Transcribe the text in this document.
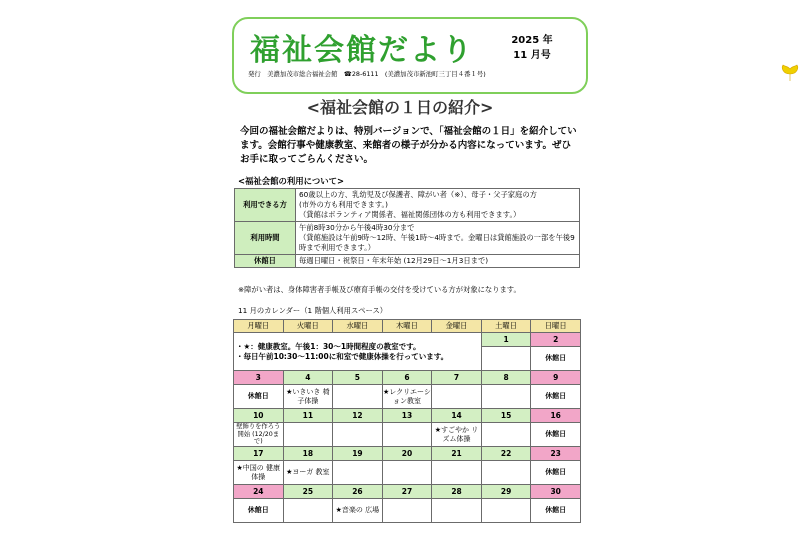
福祉会館だより	2025 年
11 月号
発行　美濃加茂市総合福祉会館　☎28-6111　(美濃加茂市新池町三丁目４番１号)
<福祉会館の１日の紹介>
今回の福祉会館だよりは、特別バージョンで、「福祉会館の１日」を紹介しています。会館行事や健康教室、来館者の様子が分かる内容になっています。ぜひお手に取ってごらんください。
<福祉会館の利用について>
利用できる方	60歳以上の方、乳幼児及び保護者、障がい者（※）、母子・父子家庭の方
(市外の方も利用できます。)
（貸館はボランティア関係者、福祉関係団体の方も利用できます。）

利用時間	午前8時30分から午後4時30分まで
（貸館施設は午前9時～12時、午後1時～4時まで。金曜日は貸館施設の一部を午後9時まで利用できます。）

休館日	毎週日曜日・祝祭日・年末年始 (12月29日～1月3日まで)
※障がい者は、身体障害者手帳及び療育手帳の交付を受けている方が対象になります。
11 月のカレンダー（1 階個人利用スペース）
月曜日	火曜日	水曜日	木曜日	金曜日	土曜日	日曜日

・★：健康教室。午後1：30～1時間程度の教室です。
・毎日午前10:30～11:00に和室で健康体操を行っています。					1	2
						休館日
3	4	5	6	7	8	9
休館日	★いきいき 椅子体操		★レクリエーション教室			休館日
10	11	12	13	14	15	16
壁飾りを作ろう 開始 (12/20まで)				★すごやか リズム体操		休館日
17	18	19	20	21	22	23
★中国の 健康体操	★ヨーガ 教室					休館日
24	25	26	27	28	29	30
休館日		★音楽の 広場				休館日
